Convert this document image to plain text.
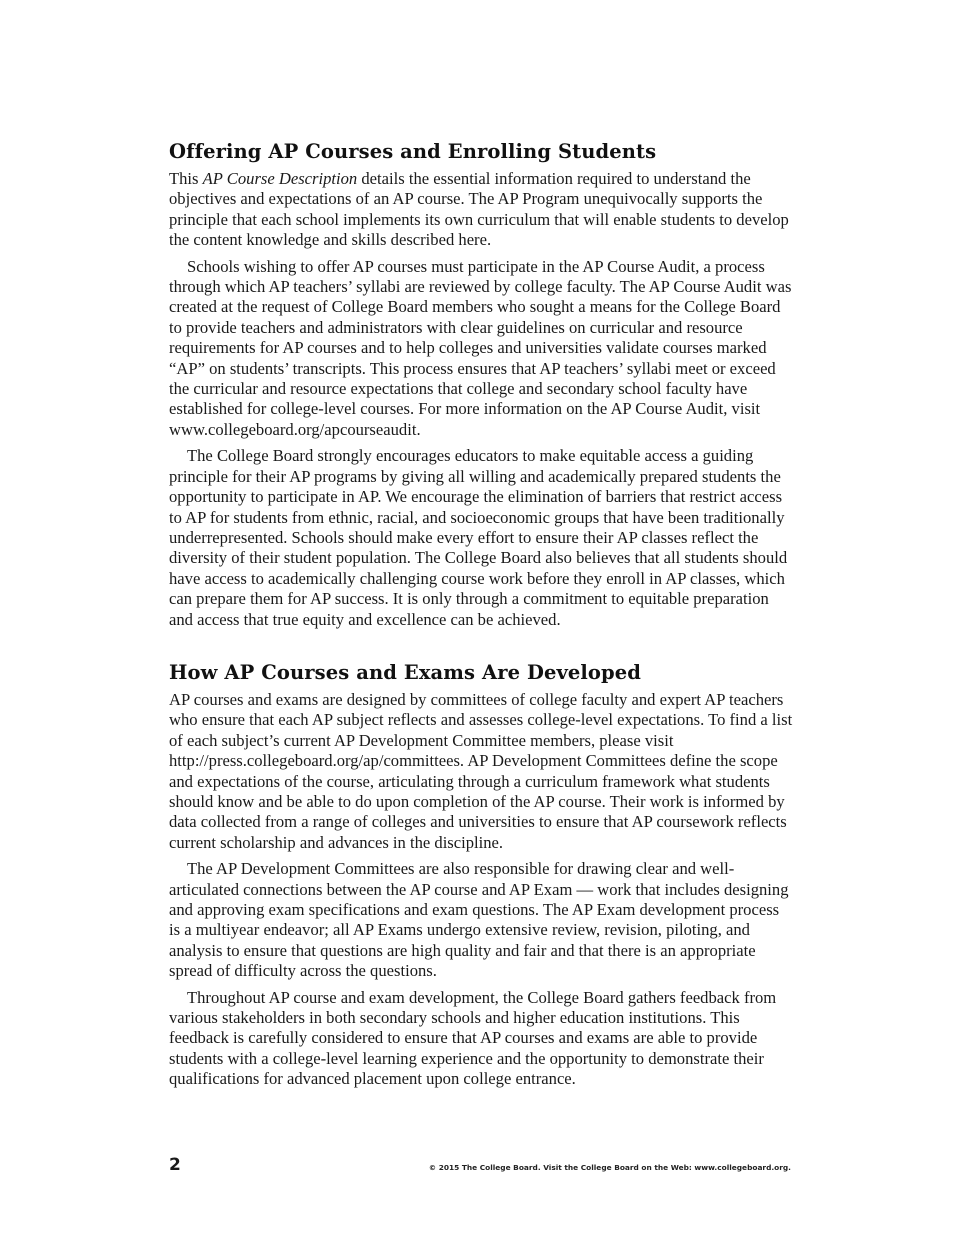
Offering AP Courses and Enrolling Students

This AP Course Description details the essential information required to understand the objectives and expectations of an AP course. The AP Program unequivocally supports the principle that each school implements its own curriculum that will enable students to develop the content knowledge and skills described here.

Schools wishing to offer AP courses must participate in the AP Course Audit, a process through which AP teachers’ syllabi are reviewed by college faculty. The AP Course Audit was created at the request of College Board members who sought a means for the College Board to provide teachers and administrators with clear guidelines on curricular and resource requirements for AP courses and to help colleges and universities validate courses marked “AP” on students’ transcripts. This process ensures that AP teachers’ syllabi meet or exceed the curricular and resource expectations that college and secondary school faculty have established for college-level courses. For more information on the AP Course Audit, visit www.collegeboard.org/apcourseaudit.

The College Board strongly encourages educators to make equitable access a guiding principle for their AP programs by giving all willing and academically prepared students the opportunity to participate in AP. We encourage the elimination of barriers that restrict access to AP for students from ethnic, racial, and socioeconomic groups that have been traditionally underrepresented. Schools should make every effort to ensure their AP classes reflect the diversity of their student population. The College Board also believes that all students should have access to academically challenging course work before they enroll in AP classes, which can prepare them for AP success. It is only through a commitment to equitable preparation and access that true equity and excellence can be achieved.

How AP Courses and Exams Are Developed

AP courses and exams are designed by committees of college faculty and expert AP teachers who ensure that each AP subject reflects and assesses college-level expectations. To find a list of each subject’s current AP Development Committee members, please visit http://press.collegeboard.org/ap/committees. AP Development Committees define the scope and expectations of the course, articulating through a curriculum framework what students should know and be able to do upon completion of the AP course. Their work is informed by data collected from a range of colleges and universities to ensure that AP coursework reflects current scholarship and advances in the discipline.

The AP Development Committees are also responsible for drawing clear and well-articulated connections between the AP course and AP Exam — work that includes designing and approving exam specifications and exam questions. The AP Exam development process is a multiyear endeavor; all AP Exams undergo extensive review, revision, piloting, and analysis to ensure that questions are high quality and fair and that there is an appropriate spread of difficulty across the questions.

Throughout AP course and exam development, the College Board gathers feedback from various stakeholders in both secondary schools and higher education institutions. This feedback is carefully considered to ensure that AP courses and exams are able to provide students with a college-level learning experience and the opportunity to demonstrate their qualifications for advanced placement upon college entrance.

2	© 2015 The College Board. Visit the College Board on the Web: www.collegeboard.org.
